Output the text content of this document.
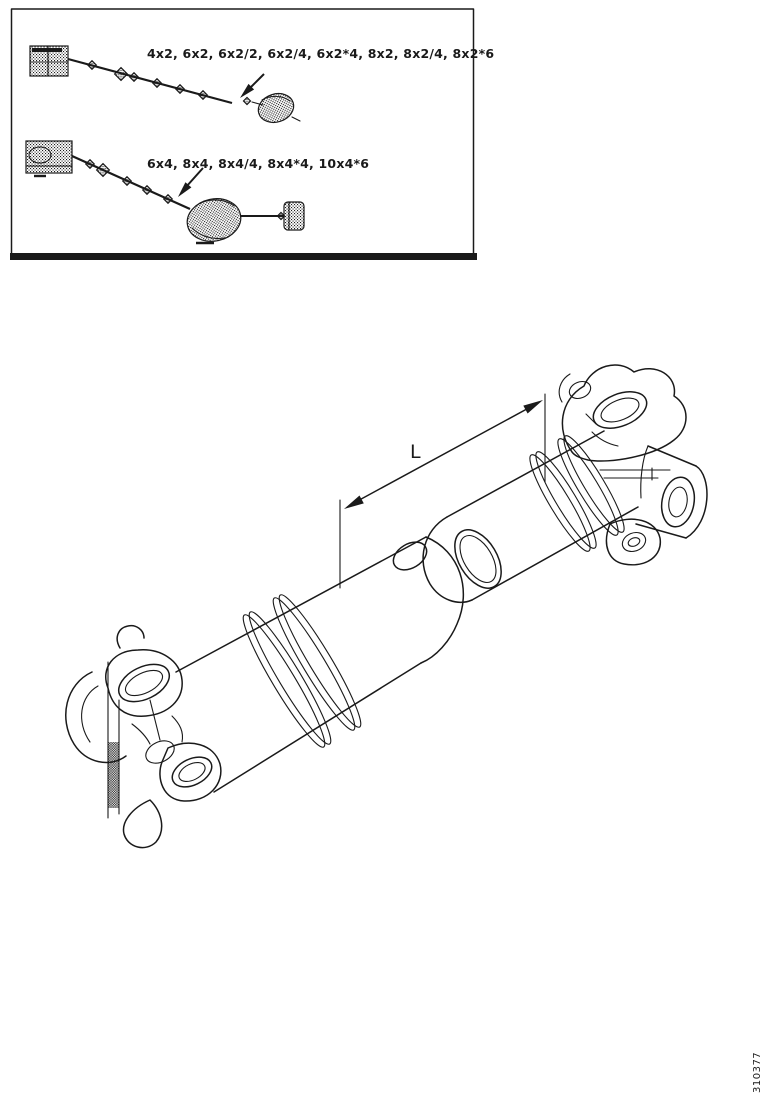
4x2, 6x2, 6x2/2, 6x2/4, 6x2*4, 8x2, 8x2/4, 8x2*6
6x4, 8x4, 8x4/4, 8x4*4, 10x4*6
L
310377
